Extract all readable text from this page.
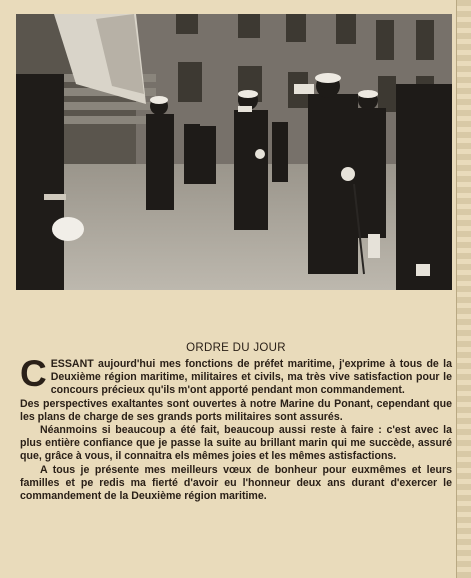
ORDRE DU JOUR

CESSANT aujourd'hui mes fonctions de préfet maritime, j'exprime à tous de la Deuxième région maritime, militaires et civils, ma très vive satisfaction pour le concours précieux qu'ils m'ont apporté pendant mon commandement.

Des perspectives exaltantes sont ouvertes à notre Marine du Ponant, cependant que les plans de charge de ses grands ports militaires sont assurés.

Néanmoins si beaucoup a été fait, beaucoup aussi reste à faire : c'est avec la plus entière confiance que je passe la suite au brillant marin qui me succède, assuré que, grâce à vous, il connaitra els mêmes joies et les mêmes astisfactions.

A tous je présente mes meilleurs vœux de bonheur pour euxmêmes et leurs familles et pe redis ma fierté d'avoir eu l'honneur deux ans durant d'exercer le commandement de la Deuxième région maritime.
